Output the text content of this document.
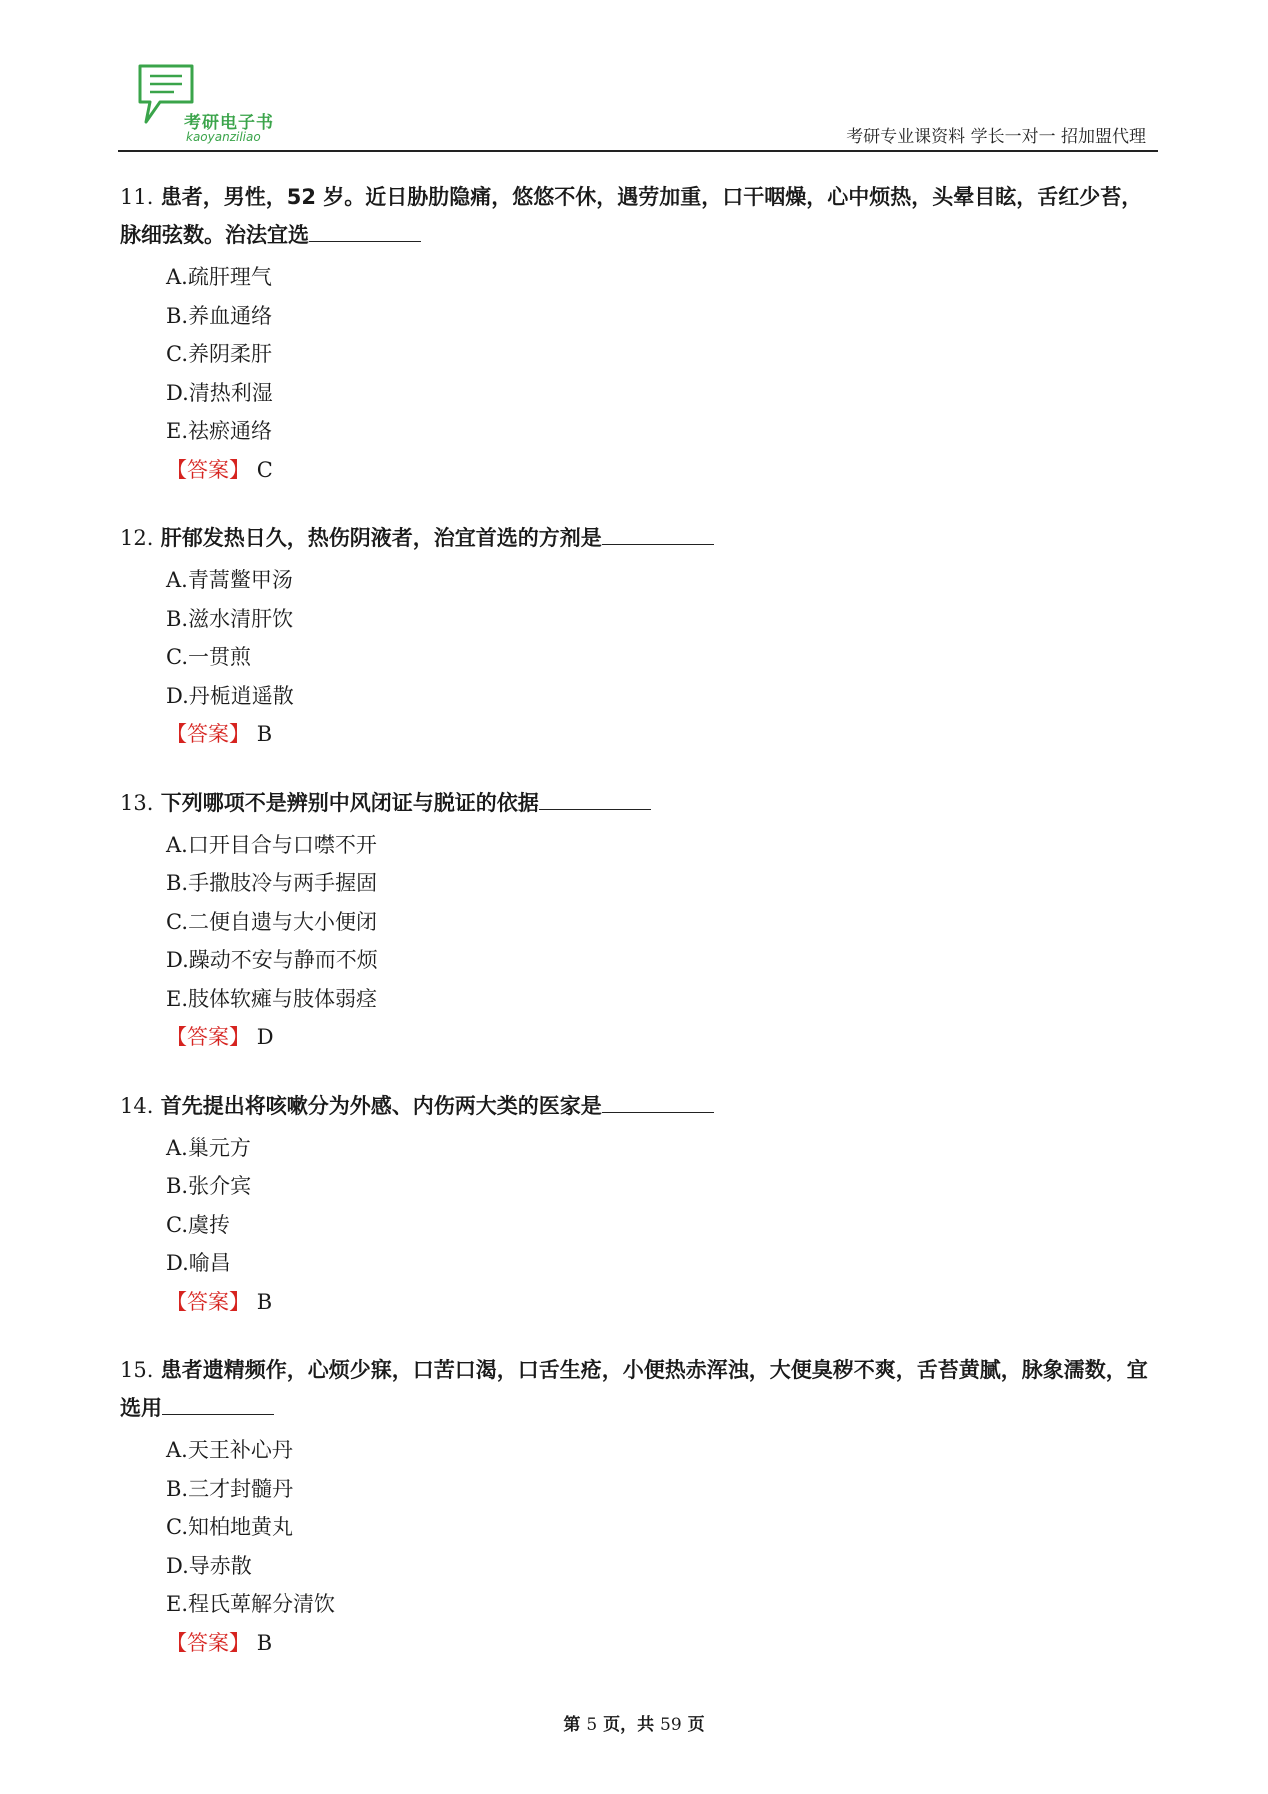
考研电子书
kaoyanziliao	考研专业课资料 学长一对一 招加盟代理
11. 患者，男性，52 岁。近日胁肋隐痛，悠悠不休，遇劳加重，口干咽燥，心中烦热，头晕目眩，舌红少苔，脉细弦数。治法宜选
A.疏肝理气
B.养血通络
C.养阴柔肝
D.清热利湿
E.祛瘀通络
【答案】 C
12. 肝郁发热日久，热伤阴液者，治宜首选的方剂是
A.青蒿鳖甲汤
B.滋水清肝饮
C.一贯煎
D.丹栀逍遥散
【答案】 B
13. 下列哪项不是辨别中风闭证与脱证的依据
A.口开目合与口噤不开
B.手撒肢冷与两手握固
C.二便自遗与大小便闭
D.躁动不安与静而不烦
E.肢体软瘫与肢体弱痉
【答案】 D
14. 首先提出将咳嗽分为外感、内伤两大类的医家是
A.巢元方
B.张介宾
C.虞抟
D.喻昌
【答案】 B
15. 患者遗精频作，心烦少寐，口苦口渴，口舌生疮，小便热赤浑浊，大便臭秽不爽，舌苔黄腻，脉象濡数，宜选用
A.天王补心丹
B.三才封髓丹
C.知柏地黄丸
D.导赤散
E.程氏萆解分清饮
【答案】 B
第 5 页，共 59 页
